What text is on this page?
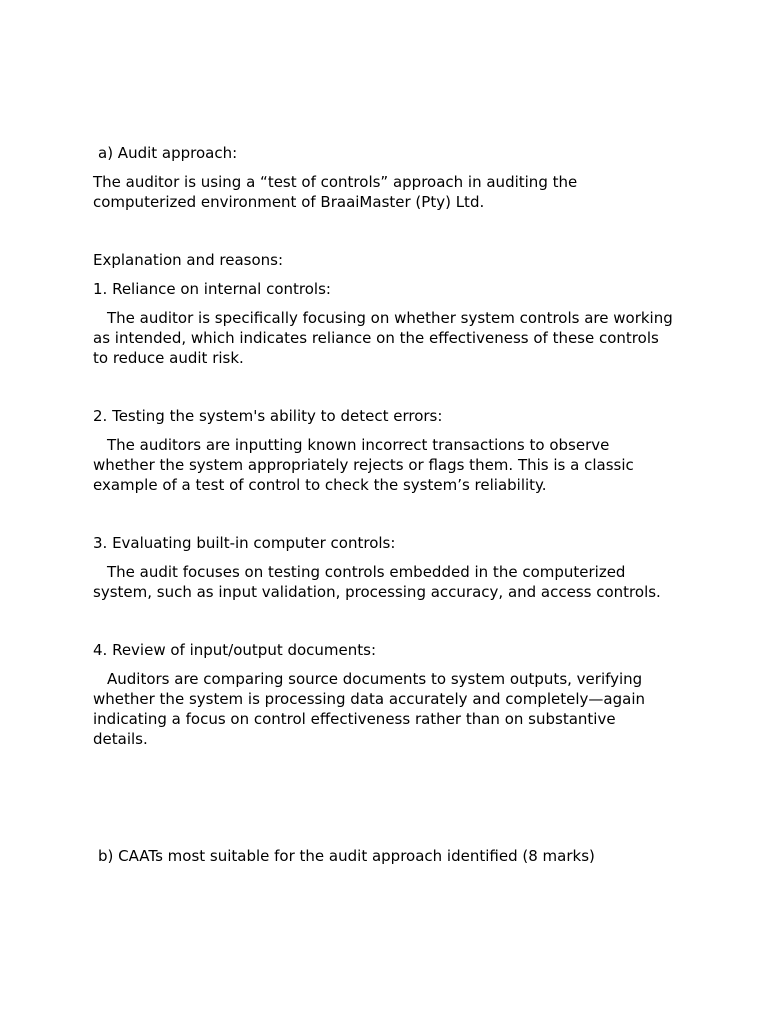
a) Audit approach:

The auditor is using a “test of controls” approach in auditing the computerized environment of BraaiMaster (Pty) Ltd.

Explanation and reasons:

1. Reliance on internal controls:

The auditor is specifically focusing on whether system controls are working as intended, which indicates reliance on the effectiveness of these controls to reduce audit risk.

2. Testing the system's ability to detect errors:

The auditors are inputting known incorrect transactions to observe whether the system appropriately rejects or flags them. This is a classic example of a test of control to check the system’s reliability.

3. Evaluating built-in computer controls:

The audit focuses on testing controls embedded in the computerized system, such as input validation, processing accuracy, and access controls.

4. Review of input/output documents:

Auditors are comparing source documents to system outputs, verifying whether the system is processing data accurately and completely—again indicating a focus on control effectiveness rather than on substantive details.

b) CAATs most suitable for the audit approach identified (8 marks)
